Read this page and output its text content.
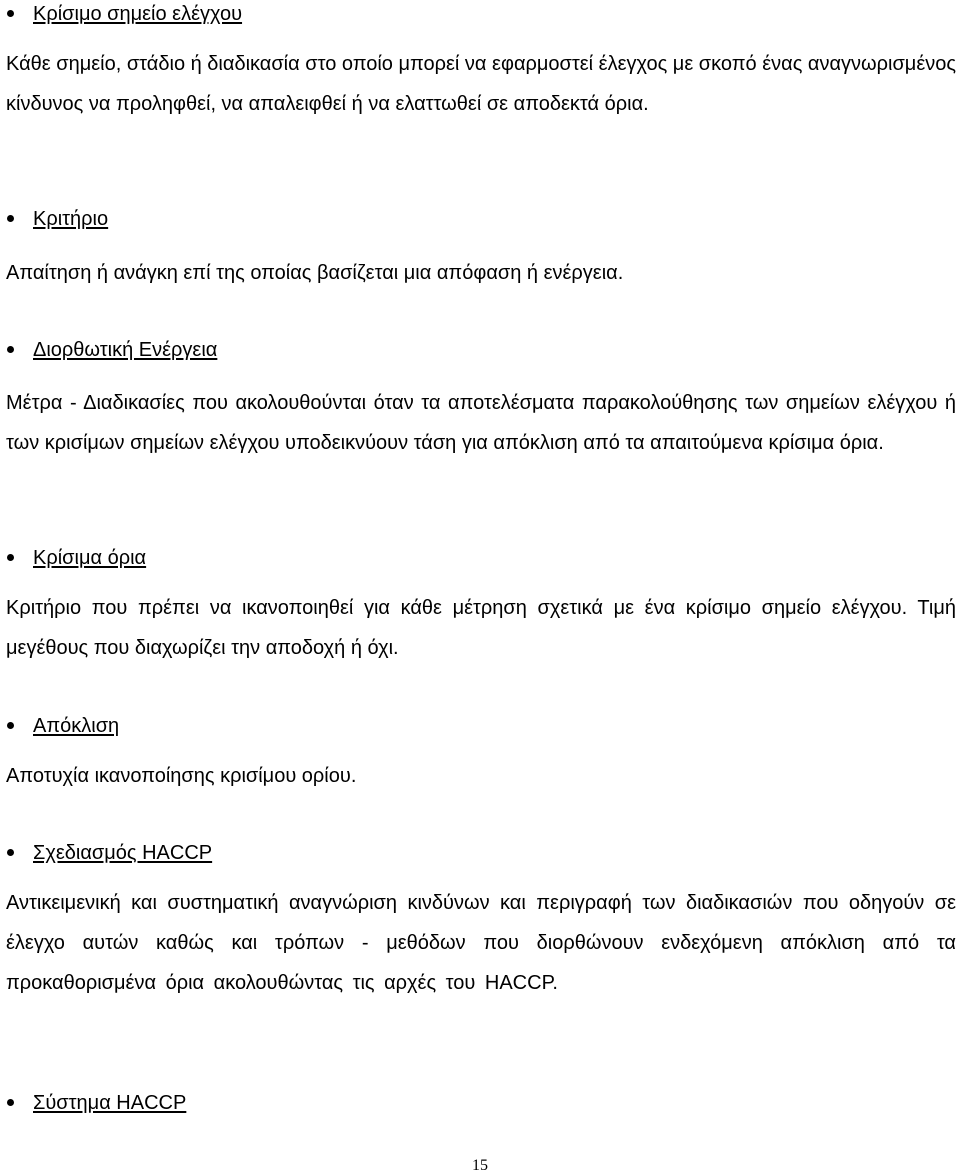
Κρίσιμο σημείο ελέγχου

Κάθε σημείο, στάδιο ή διαδικασία στο οποίο μπορεί να εφαρμοστεί έλεγχος με σκοπό ένας αναγνωρισμένος κίνδυνος να προληφθεί, να απαλειφθεί ή να ελαττωθεί σε αποδεκτά όρια.

Κριτήριο

Απαίτηση ή ανάγκη επί της οποίας βασίζεται μια απόφαση ή ενέργεια.

Διορθωτική Ενέργεια

Μέτρα - Διαδικασίες που ακολουθούνται όταν τα αποτελέσματα παρακολούθησης των σημείων ελέγχου ή των κρισίμων σημείων ελέγχου υποδεικνύουν τάση για απόκλιση από τα απαιτούμενα κρίσιμα όρια.

Κρίσιμα όρια

Κριτήριο που πρέπει να ικανοποιηθεί για κάθε μέτρηση σχετικά με ένα κρίσιμο σημείο ελέγχου. Τιμή μεγέθους που διαχωρίζει την αποδοχή ή όχι.

Απόκλιση

Αποτυχία ικανοποίησης κρισίμου ορίου.

Σχεδιασμός HACCP

Αντικειμενική και συστηματική αναγνώριση κινδύνων και περιγραφή των διαδικασιών που οδηγούν σε έλεγχο αυτών καθώς και τρόπων - μεθόδων που διορθώνουν ενδεχόμενη απόκλιση από τα προκαθορισμένα όρια ακολουθώντας τις αρχές του HACCP.

Σύστημα HACCP

15
